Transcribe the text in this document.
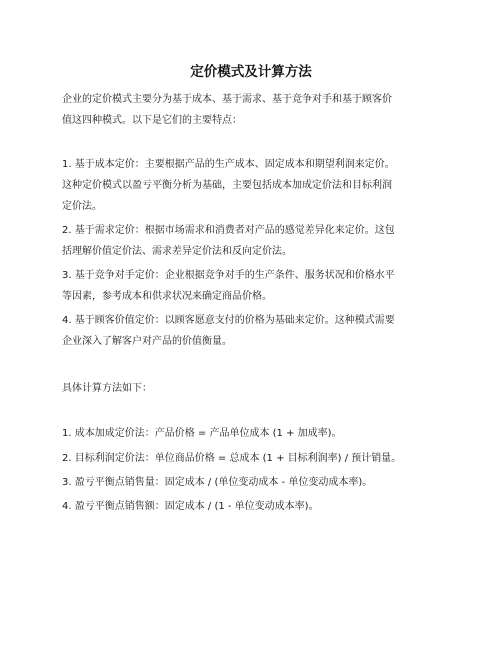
定价模式及计算方法
企业的定价模式主要分为基于成本、基于需求、基于竞争对手和基于顾客价
值这四种模式。以下是它们的主要特点：
1. 基于成本定价：主要根据产品的生产成本、固定成本和期望利润来定价。
这种定价模式以盈亏平衡分析为基础，主要包括成本加成定价法和目标利润
定价法。
2. 基于需求定价：根据市场需求和消费者对产品的感觉差异化来定价。这包
括理解价值定价法、需求差异定价法和反向定价法。
3. 基于竞争对手定价：企业根据竞争对手的生产条件、服务状况和价格水平
等因素，参考成本和供求状况来确定商品价格。
4. 基于顾客价值定价：以顾客愿意支付的价格为基础来定价。这种模式需要
企业深入了解客户对产品的价值衡量。
具体计算方法如下：
1. 成本加成定价法：产品价格 = 产品单位成本 (1 + 加成率)。
2. 目标利润定价法：单位商品价格 = 总成本 (1 + 目标利润率) / 预计销量。
3. 盈亏平衡点销售量：固定成本 / (单位变动成本 - 单位变动成本率)。
4. 盈亏平衡点销售额：固定成本 / (1 - 单位变动成本率)。
